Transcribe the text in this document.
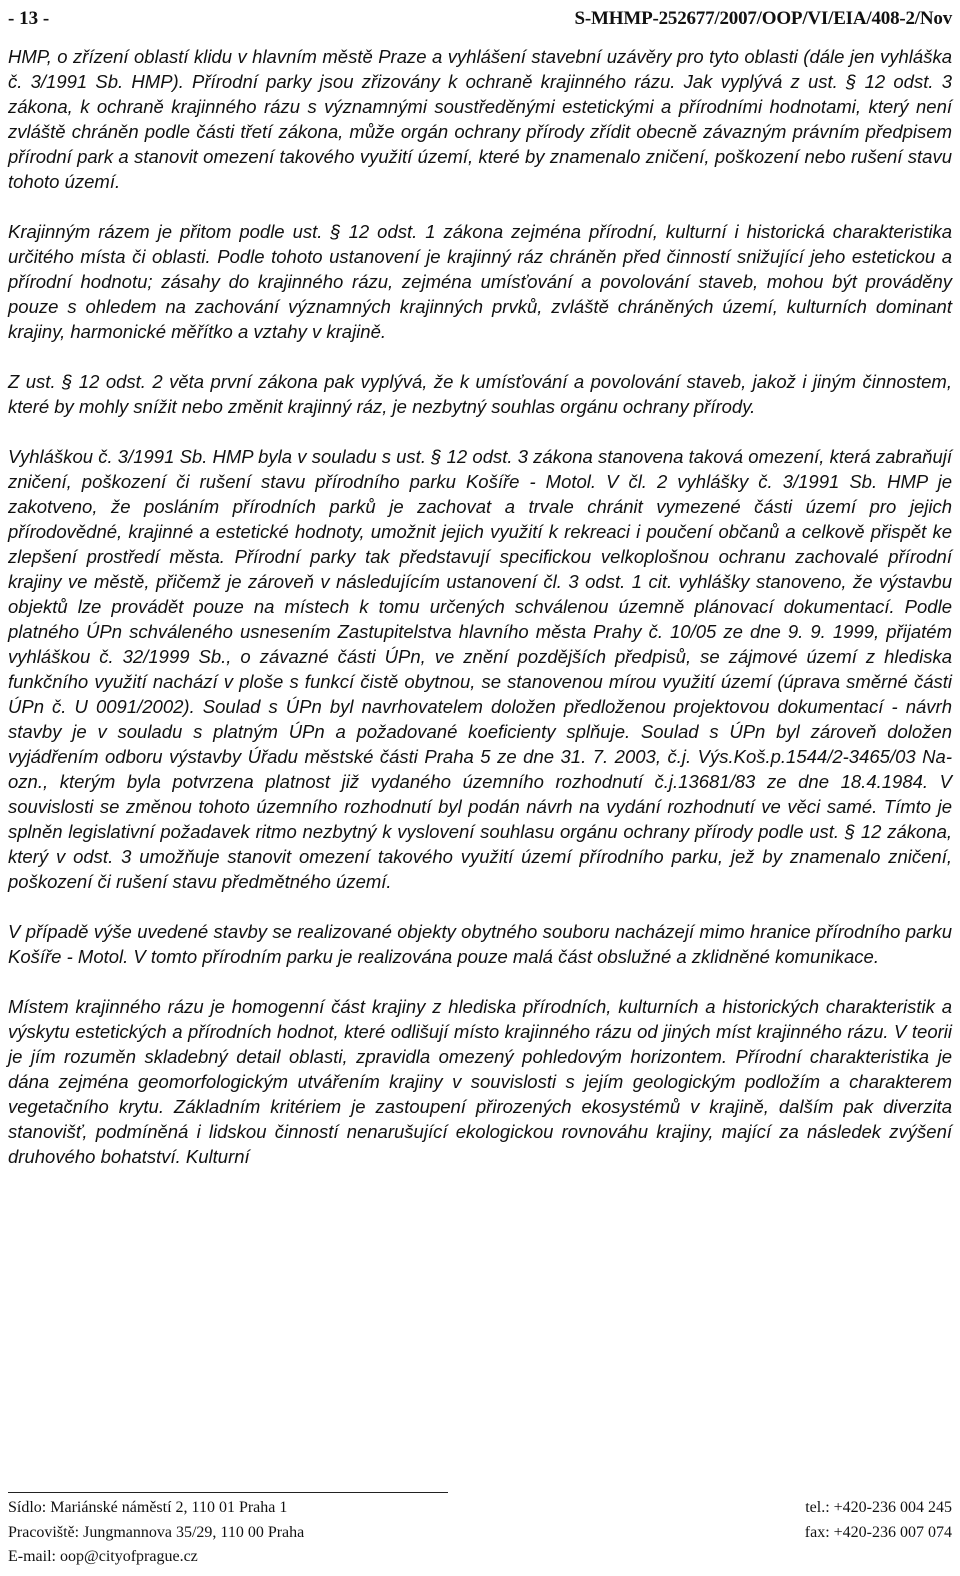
- 13 -	S-MHMP-252677/2007/OOP/VI/EIA/408-2/Nov

HMP, o zřízení oblastí klidu v hlavním městě Praze a vyhlášení stavební uzávěry pro tyto oblasti (dále jen vyhláška č. 3/1991 Sb. HMP). Přírodní parky jsou zřizovány k ochraně krajinného rázu. Jak vyplývá z ust. § 12 odst. 3 zákona, k ochraně krajinného rázu s významnými soustředěnými estetickými a přírodními hodnotami, který není zvláště chráněn podle části třetí zákona, může orgán ochrany přírody zřídit obecně závazným právním předpisem přírodní park a stanovit omezení takového využití území, které by znamenalo zničení, poškození nebo rušení stavu tohoto území.

Krajinným rázem je přitom podle ust. § 12 odst. 1 zákona zejména přírodní, kulturní i historická charakteristika určitého místa či oblasti. Podle tohoto ustanovení je krajinný ráz chráněn před činností snižující jeho estetickou a přírodní hodnotu; zásahy do krajinného rázu, zejména umísťování a povolování staveb, mohou být prováděny pouze s ohledem na zachování významných krajinných prvků, zvláště chráněných území, kulturních dominant krajiny, harmonické měřítko a vztahy v krajině.

Z ust. § 12 odst. 2 věta první zákona pak vyplývá, že k umísťování a povolování staveb, jakož i jiným činnostem, které by mohly snížit nebo změnit krajinný ráz, je nezbytný souhlas orgánu ochrany přírody.

Vyhláškou č. 3/1991 Sb. HMP byla v souladu s ust. § 12 odst. 3 zákona stanovena taková omezení, která zabraňují zničení, poškození či rušení stavu přírodního parku Košíře - Motol. V čl. 2 vyhlášky č. 3/1991 Sb. HMP je zakotveno, že posláním přírodních parků je zachovat a trvale chránit vymezené části území pro jejich přírodovědné, krajinné a estetické hodnoty, umožnit jejich využití k rekreaci i poučení občanů a celkově přispět ke zlepšení prostředí města. Přírodní parky tak představují specifickou velkoplošnou ochranu zachovalé přírodní krajiny ve městě, přičemž je zároveň v následujícím ustanovení čl. 3 odst. 1 cit. vyhlášky stanoveno, že výstavbu objektů lze provádět pouze na místech k tomu určených schválenou územně plánovací dokumentací. Podle platného ÚPn schváleného usnesením Zastupitelstva hlavního města Prahy č. 10/05 ze dne 9. 9. 1999, přijatém vyhláškou č. 32/1999 Sb., o závazné části ÚPn, ve znění pozdějších předpisů, se zájmové území z hlediska funkčního využití nachází v ploše s funkcí čistě obytnou, se stanovenou mírou využití území (úprava směrné části ÚPn č. U 0091/2002). Soulad s ÚPn byl navrhovatelem doložen předloženou projektovou dokumentací - návrh stavby je v souladu s platným ÚPn a požadované koeficienty splňuje. Soulad s ÚPn byl zároveň doložen vyjádřením odboru výstavby Úřadu městské části Praha 5 ze dne 31. 7. 2003, č.j. Výs.Koš.p.1544/2-3465/03 Na-ozn., kterým byla potvrzena platnost již vydaného územního rozhodnutí č.j.13681/83 ze dne 18.4.1984. V souvislosti se změnou tohoto územního rozhodnutí byl podán návrh na vydání rozhodnutí ve věci samé. Tímto je splněn legislativní požadavek ritmo nezbytný k vyslovení souhlasu orgánu ochrany přírody podle ust. § 12 zákona, který v odst. 3 umožňuje stanovit omezení takového využití území přírodního parku, jež by znamenalo zničení, poškození či rušení stavu předmětného území.

V případě výše uvedené stavby se realizované objekty obytného souboru nacházejí mimo hranice přírodního parku Košíře - Motol. V tomto přírodním parku je realizována pouze malá část obslužné a zklidněné komunikace.

Místem krajinného rázu je homogenní část krajiny z hlediska přírodních, kulturních a historických charakteristik a výskytu estetických a přírodních hodnot, které odlišují místo krajinného rázu od jiných míst krajinného rázu. V teorii je jím rozuměn skladebný detail oblasti, zpravidla omezený pohledovým horizontem. Přírodní charakteristika je dána zejména geomorfologickým utvářením krajiny v souvislosti s jejím geologickým podložím a charakterem vegetačního krytu. Základním kritériem je zastoupení přirozených ekosystémů v krajině, dalším pak diverzita stanovišť, podmíněná i lidskou činností nenarušující ekologickou rovnováhu krajiny, mající za následek zvýšení druhového bohatství. Kulturní

Sídlo: Mariánské náměstí 2, 110 01 Praha 1
Pracoviště: Jungmannova 35/29, 110 00 Praha
E-mail: oop@cityofprague.cz
tel.: +420-236 004 245
fax: +420-236 007 074
